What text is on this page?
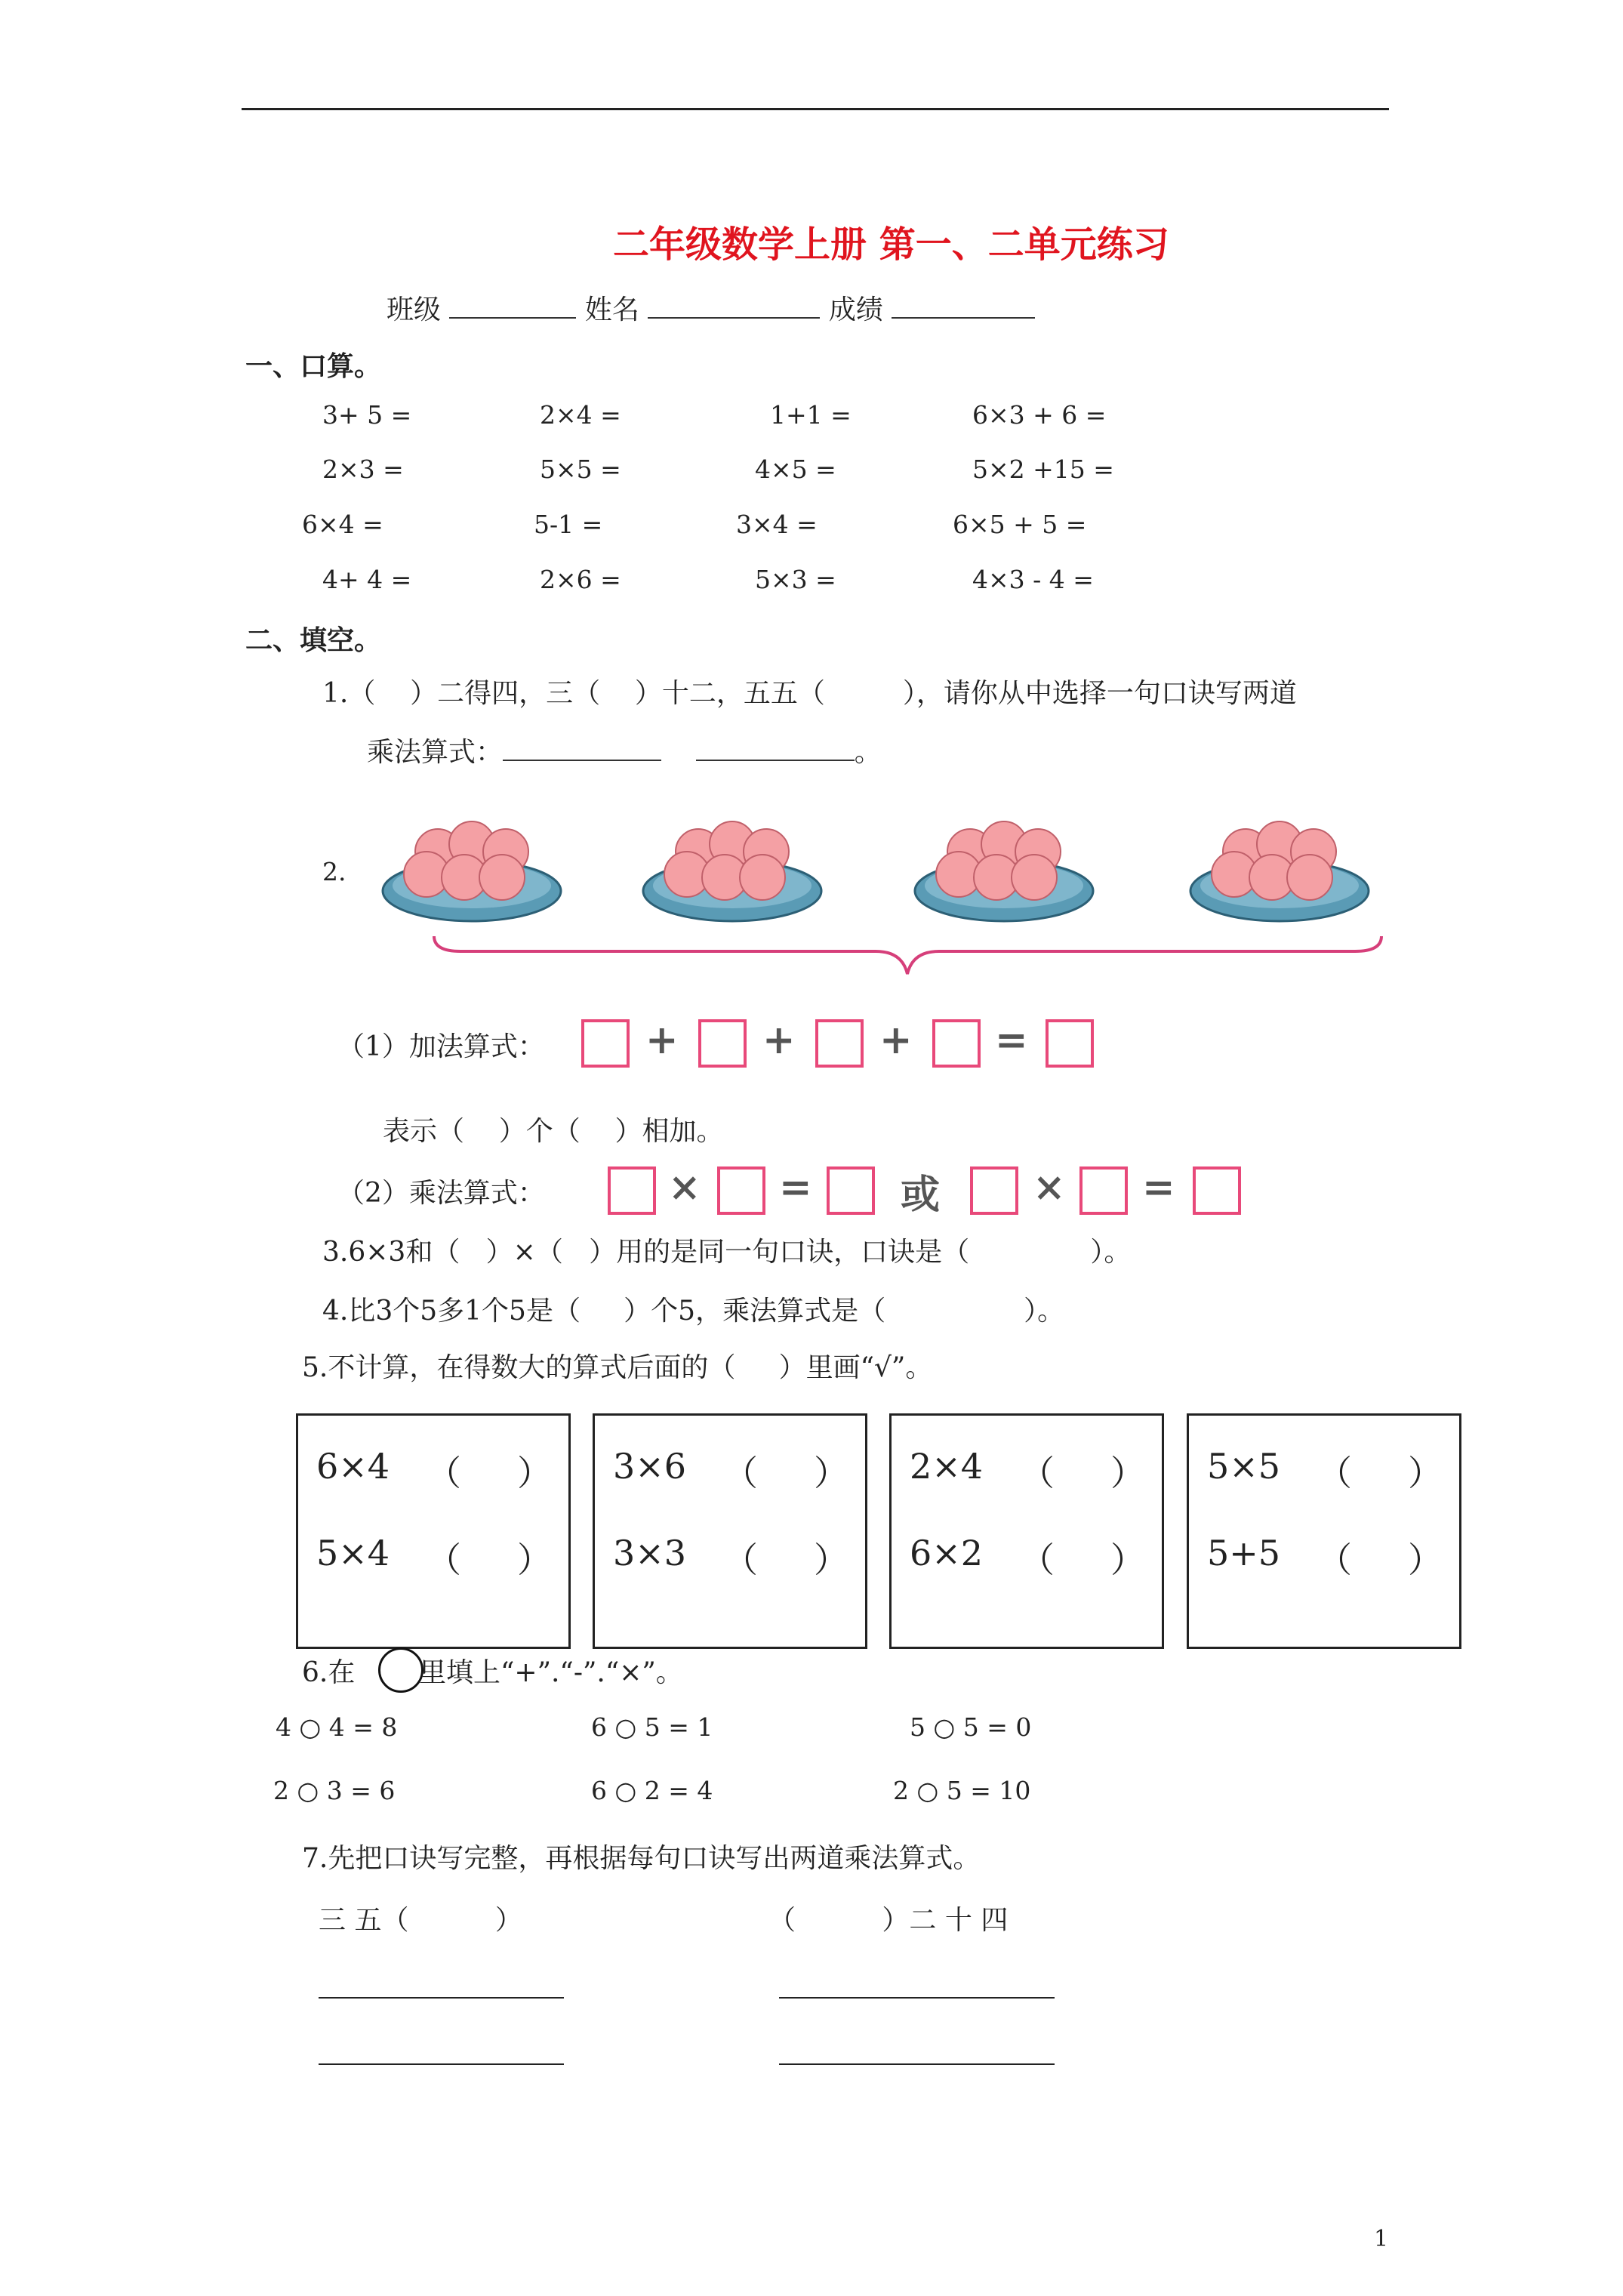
二年级数学上册 第一、二单元练习
班级	姓名	成绩
一、口算。
3+ 5 =	2×4 =	1+1 =	6×3 + 6 =
2×3 =	5×5 =	4×5 =	5×2 +15 =
6×4 =	5-1 =	3×4 =	6×5 + 5 =
4+ 4 =	2×6 =	5×3 =	4×3 - 4 =
二、填空。
1.（    ）二得四，三（    ）十二，五五（         ），请你从中选择一句口诀写两道
乘法算式：	。
2.
（1）加法算式：	+ + + =
表示（    ）个（    ）相加。
（2）乘法算式：	× = 或 × =
3.6×3和（   ）×（   ）用的是同一句口诀，口诀是（              ）。
4.比3个5多1个5是（     ）个5，乘法算式是（                ）。
5.不计算，在得数大的算式后面的（     ）里画“√”。
6×4 （ ）
5×4 （ ）
3×6 （ ）
3×3 （ ）
2×4 （ ）
6×2 （ ）
5×5 （ ）
5+5 （ ）
6.在 里填上“+”.“-”.“×”。
4 ○ 4 = 8	6 ○ 5 = 1	5 ○ 5 = 0
2 ○ 3 = 6	6 ○ 2 = 4	2 ○ 5 = 10
7.先把口诀写完整，再根据每句口诀写出两道乘法算式。
三 五（          ）	（          ）二 十 四
1
